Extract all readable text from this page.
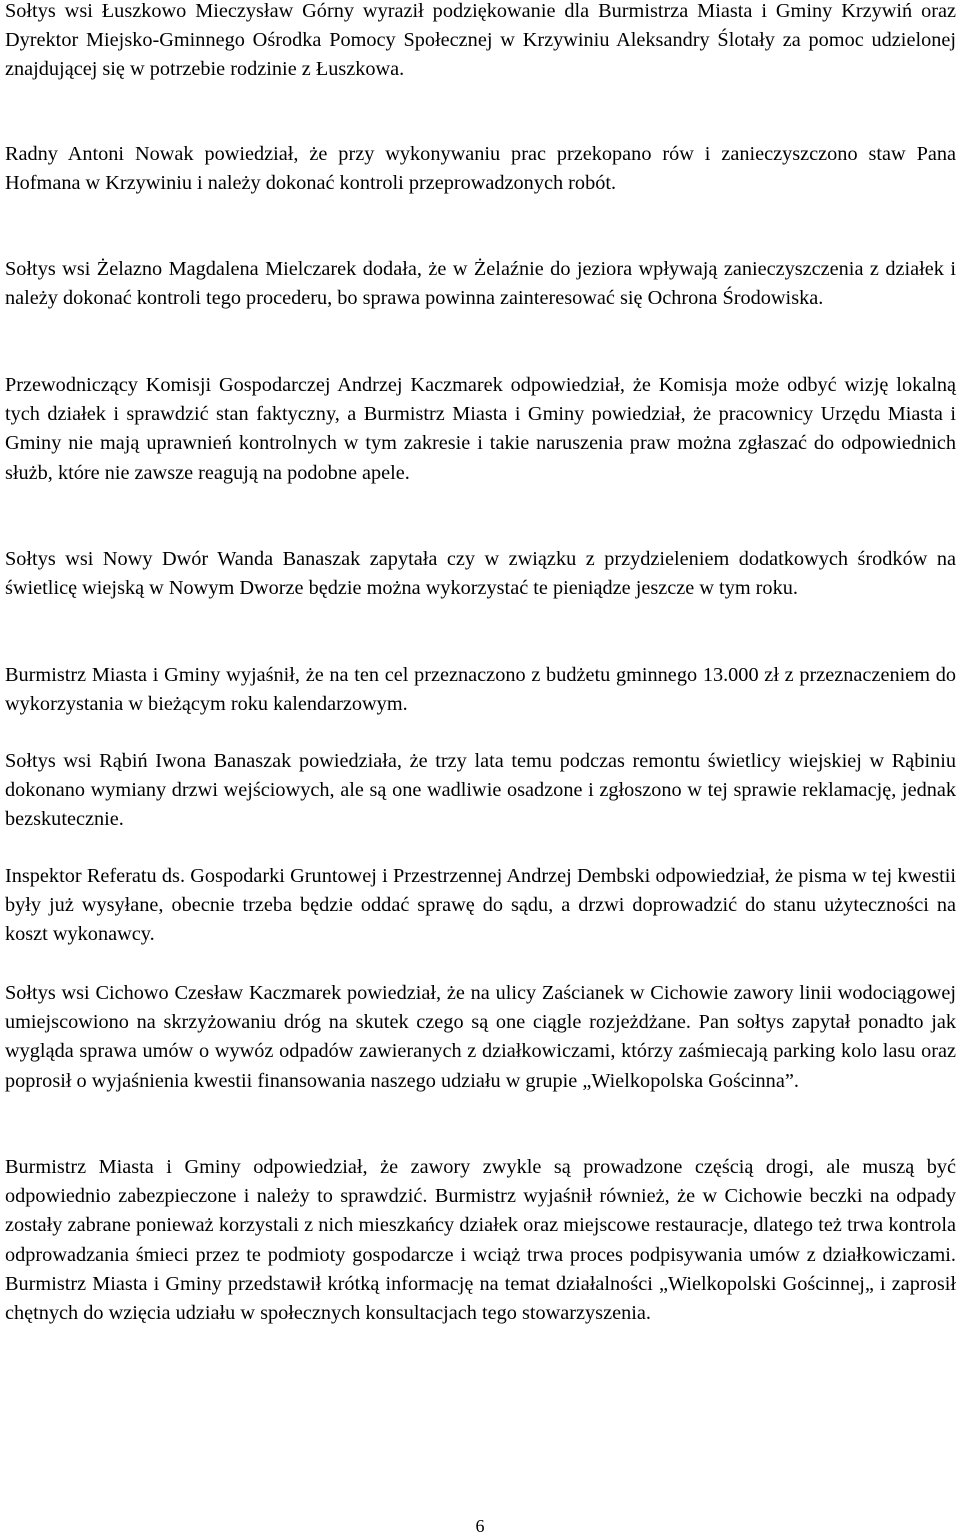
Sołtys wsi Łuszkowo Mieczysław Górny wyraził podziękowanie dla Burmistrza Miasta i Gminy Krzywiń oraz Dyrektor Miejsko-Gminnego Ośrodka Pomocy Społecznej w Krzywiniu Aleksandry Ślotały za pomoc udzielonej znajdującej się w potrzebie rodzinie z Łuszkowa.

Radny Antoni Nowak powiedział, że przy wykonywaniu prac przekopano rów i zanieczyszczono staw Pana Hofmana w Krzywiniu i należy dokonać kontroli przeprowadzonych robót.

Sołtys wsi Żelazno Magdalena Mielczarek dodała, że w Żelaźnie do jeziora wpływają zanieczyszczenia z działek i należy dokonać kontroli tego procederu, bo sprawa powinna zainteresować się Ochrona Środowiska.

Przewodniczący Komisji Gospodarczej Andrzej Kaczmarek odpowiedział, że Komisja może odbyć wizję lokalną tych działek i sprawdzić stan faktyczny, a Burmistrz Miasta i Gminy powiedział, że pracownicy Urzędu Miasta i Gminy nie mają uprawnień kontrolnych w tym zakresie i takie naruszenia praw można zgłaszać do odpowiednich służb, które nie zawsze reagują na podobne apele.

Sołtys wsi Nowy Dwór Wanda Banaszak zapytała czy w związku z przydzieleniem dodatkowych środków na świetlicę wiejską w Nowym Dworze będzie można wykorzystać te pieniądze jeszcze w tym roku.

Burmistrz Miasta i Gminy wyjaśnił, że na ten cel przeznaczono z budżetu gminnego 13.000 zł z przeznaczeniem do wykorzystania w bieżącym roku kalendarzowym.

Sołtys wsi Rąbiń Iwona Banaszak powiedziała, że trzy lata temu podczas remontu świetlicy wiejskiej w Rąbiniu dokonano wymiany drzwi wejściowych, ale są one wadliwie osadzone i zgłoszono w tej sprawie reklamację, jednak bezskutecznie.

Inspektor Referatu ds. Gospodarki Gruntowej i Przestrzennej Andrzej Dembski odpowiedział, że pisma w tej kwestii były już wysyłane, obecnie trzeba będzie oddać sprawę do sądu, a drzwi doprowadzić do stanu użyteczności na koszt wykonawcy.

Sołtys wsi Cichowo Czesław Kaczmarek powiedział, że na ulicy Zaścianek w Cichowie zawory linii wodociągowej umiejscowiono na skrzyżowaniu dróg na skutek czego są one ciągle rozjeżdżane. Pan sołtys zapytał ponadto jak wygląda sprawa umów o wywóz odpadów zawieranych z działkowiczami, którzy zaśmiecają parking kolo lasu oraz poprosił o wyjaśnienia kwestii finansowania naszego udziału w grupie „Wielkopolska Gościnna”.

Burmistrz Miasta i Gminy odpowiedział, że zawory zwykle są prowadzone częścią drogi, ale muszą być odpowiednio zabezpieczone i należy to sprawdzić. Burmistrz wyjaśnił również, że w Cichowie beczki na odpady zostały zabrane ponieważ korzystali z nich mieszkańcy działek oraz miejscowe restauracje, dlatego też trwa kontrola odprowadzania śmieci przez te podmioty gospodarcze i wciąż trwa proces podpisywania umów z działkowiczami. Burmistrz Miasta i Gminy przedstawił krótką informację na temat działalności „Wielkopolski Gościnnej„ i zaprosił chętnych do wzięcia udziału w społecznych konsultacjach tego stowarzyszenia.

6
